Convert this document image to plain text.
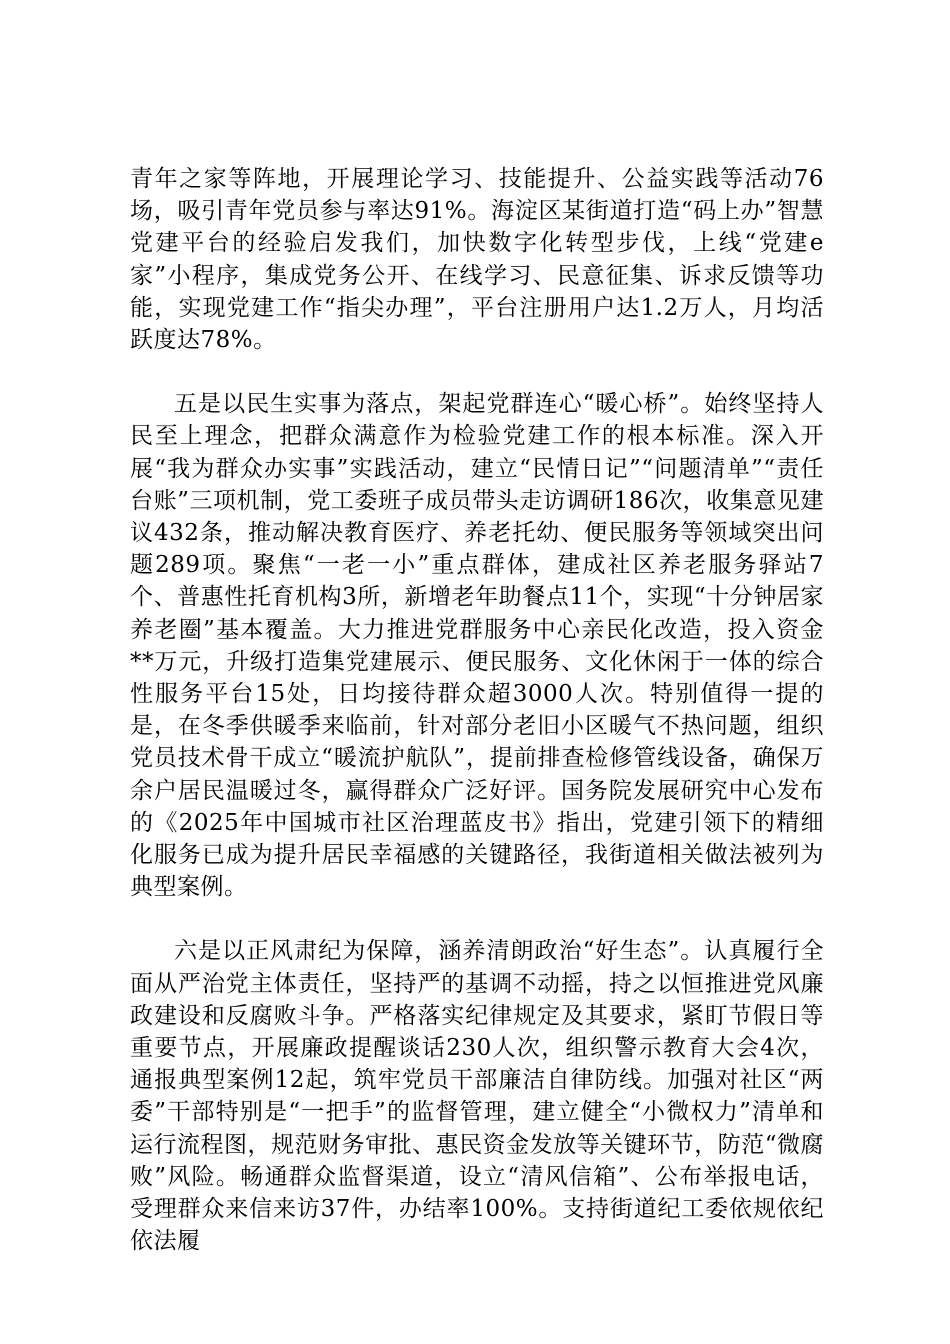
青年之家等阵地，开展理论学习、技能提升、公益实践等活动76场，吸引青年党员参与率达91%。海淀区某街道打造“码上办”智慧党建平台的经验启发我们，加快数字化转型步伐，上线“党建e家”小程序，集成党务公开、在线学习、民意征集、诉求反馈等功能，实现党建工作“指尖办理”，平台注册用户达1.2万人，月均活跃度达78%。

五是以民生实事为落点，架起党群连心“暖心桥”。始终坚持人民至上理念，把群众满意作为检验党建工作的根本标准。深入开展“我为群众办实事”实践活动，建立“民情日记”“问题清单”“责任台账”三项机制，党工委班子成员带头走访调研186次，收集意见建议432条，推动解决教育医疗、养老托幼、便民服务等领域突出问题289项。聚焦“一老一小”重点群体，建成社区养老服务驿站7个、普惠性托育机构3所，新增老年助餐点11个，实现“十分钟居家养老圈”基本覆盖。大力推进党群服务中心亲民化改造，投入资金**万元，升级打造集党建展示、便民服务、文化休闲于一体的综合性服务平台15处，日均接待群众超3000人次。特别值得一提的是，在冬季供暖季来临前，针对部分老旧小区暖气不热问题，组织党员技术骨干成立“暖流护航队”，提前排查检修管线设备，确保万余户居民温暖过冬，赢得群众广泛好评。国务院发展研究中心发布的《2025年中国城市社区治理蓝皮书》指出，党建引领下的精细化服务已成为提升居民幸福感的关键路径，我街道相关做法被列为典型案例。

六是以正风肃纪为保障，涵养清朗政治“好生态”。认真履行全面从严治党主体责任，坚持严的基调不动摇，持之以恒推进党风廉政建设和反腐败斗争。严格落实纪律规定及其要求，紧盯节假日等重要节点，开展廉政提醒谈话230人次，组织警示教育大会4次，通报典型案例12起，筑牢党员干部廉洁自律防线。加强对社区“两委”干部特别是“一把手”的监督管理，建立健全“小微权力”清单和运行流程图，规范财务审批、惠民资金发放等关键环节，防范“微腐败”风险。畅通群众监督渠道，设立“清风信箱”、公布举报电话，受理群众来信来访37件，办结率100%。支持街道纪工委依规依纪依法履
